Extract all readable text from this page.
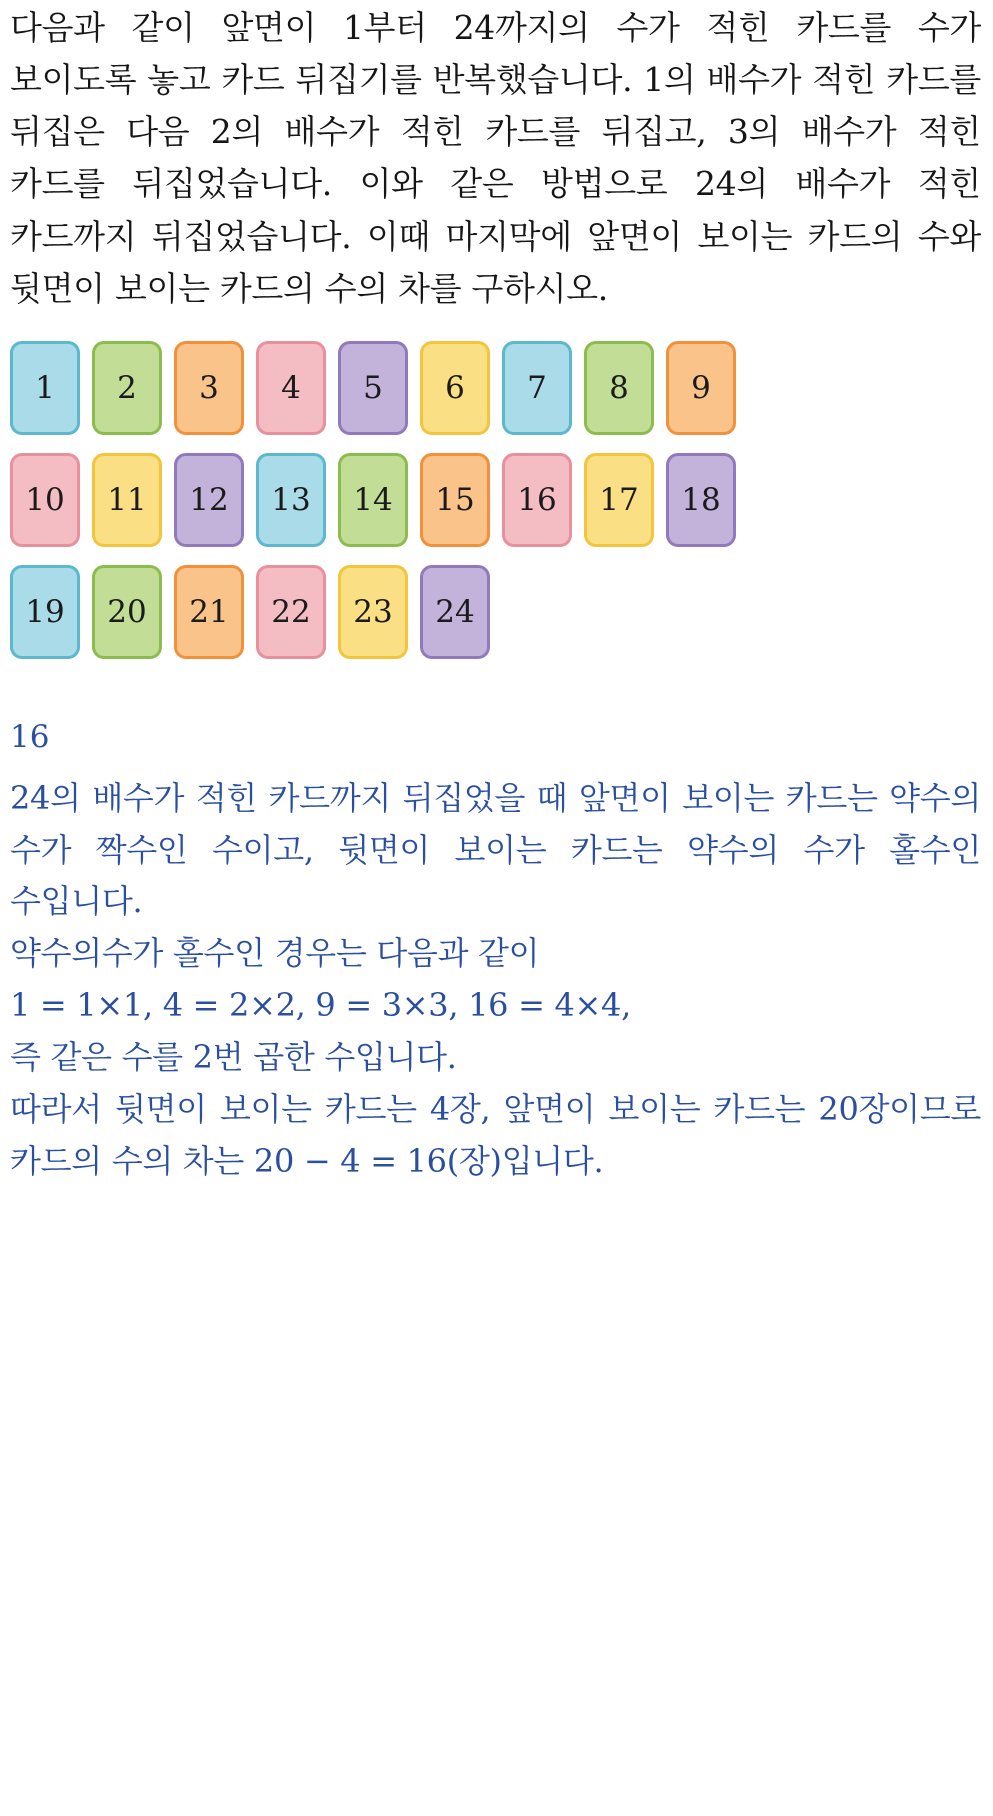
다음과 같이 앞면이 1부터 24까지의 수가 적힌 카드를 수가 보이도록 놓고 카드 뒤집기를 반복했습니다. 1의 배수가 적힌 카드를 뒤집은 다음 2의 배수가 적힌 카드를 뒤집고, 3의 배수가 적힌 카드를 뒤집었습니다. 이와 같은 방법으로 24의 배수가 적힌 카드까지 뒤집었습니다. 이때 마지막에 앞면이 보이는 카드의 수와 뒷면이 보이는 카드의 수의 차를 구하시오.

1	2	3	4	5	6	7	8	9
10	11	12	13	14	15	16	17	18
19	20	21	22	23	24
16

24의 배수가 적힌 카드까지 뒤집었을 때 앞면이 보이는 카드는 약수의 수가 짝수인 수이고, 뒷면이 보이는 카드는 약수의 수가 홀수인 수입니다.

약수의수가 홀수인 경우는 다음과 같이

1 = 1×1, 4 = 2×2, 9 = 3×3, 16 = 4×4,

즉 같은 수를 2번 곱한 수입니다.

따라서 뒷면이 보이는 카드는 4장, 앞면이 보이는 카드는 20장이므로 카드의 수의 차는 20 − 4 = 16(장)입니다.
